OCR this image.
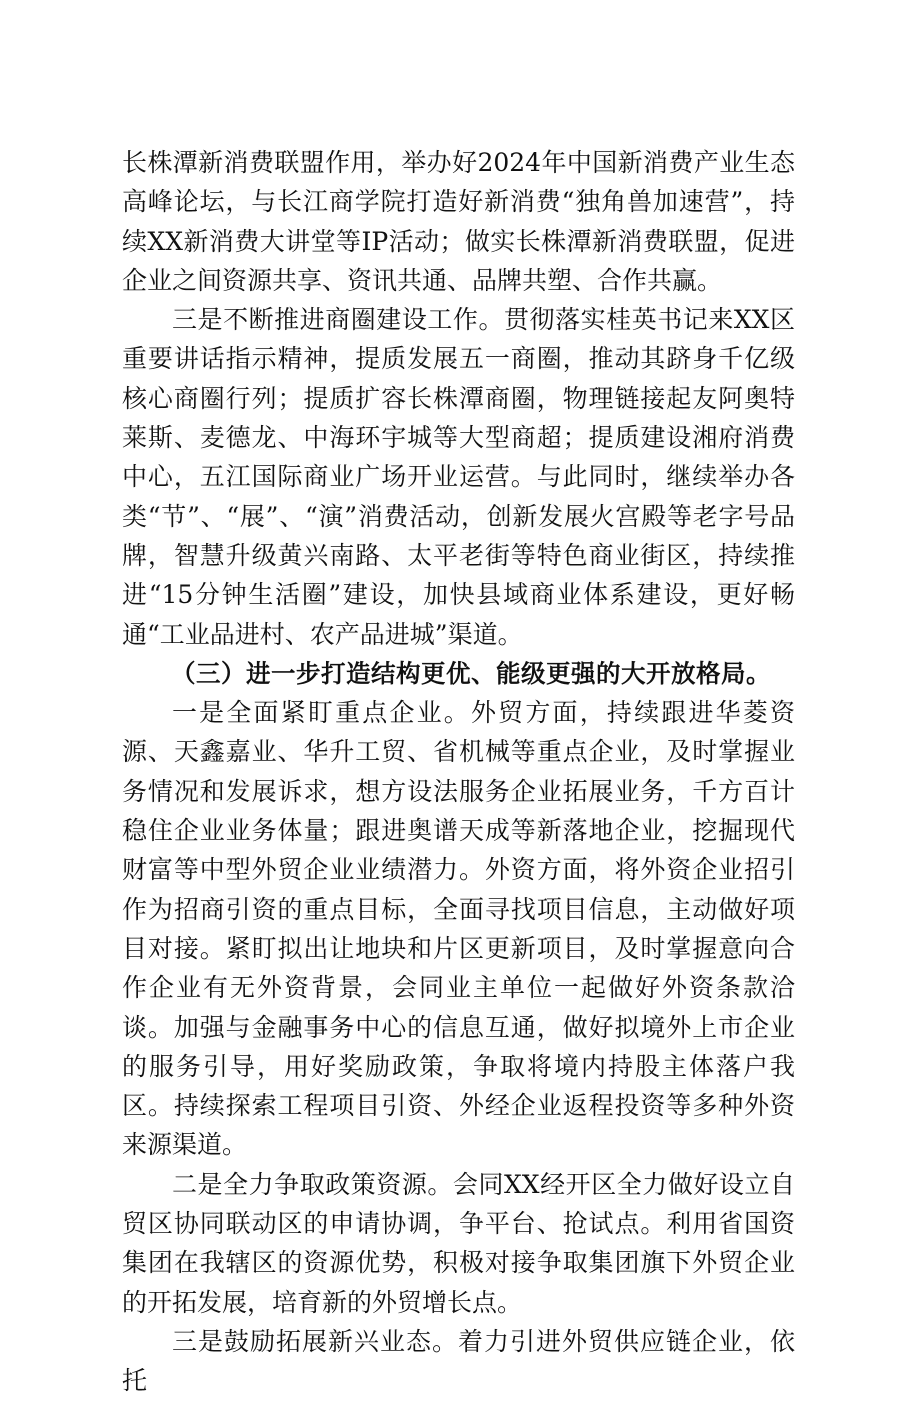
长株潭新消费联盟作用，举办好2024年中国新消费产业生态高峰论坛，与长江商学院打造好新消费“独角兽加速营”，持续XX新消费大讲堂等IP活动；做实长株潭新消费联盟，促进企业之间资源共享、资讯共通、品牌共塑、合作共赢。

三是不断推进商圈建设工作。贯彻落实桂英书记来XX区重要讲话指示精神，提质发展五一商圈，推动其跻身千亿级核心商圈行列；提质扩容长株潭商圈，物理链接起友阿奥特莱斯、麦德龙、中海环宇城等大型商超；提质建设湘府消费中心，五江国际商业广场开业运营。与此同时，继续举办各类“节”、“展”、“演”消费活动，创新发展火宫殿等老字号品牌，智慧升级黄兴南路、太平老街等特色商业街区，持续推进“15分钟生活圈”建设，加快县域商业体系建设，更好畅通“工业品进村、农产品进城”渠道。

（三）进一步打造结构更优、能级更强的大开放格局。

一是全面紧盯重点企业。外贸方面，持续跟进华菱资源、天鑫嘉业、华升工贸、省机械等重点企业，及时掌握业务情况和发展诉求，想方设法服务企业拓展业务，千方百计稳住企业业务体量；跟进奥谱天成等新落地企业，挖掘现代财富等中型外贸企业业绩潜力。外资方面，将外资企业招引作为招商引资的重点目标，全面寻找项目信息，主动做好项目对接。紧盯拟出让地块和片区更新项目，及时掌握意向合作企业有无外资背景，会同业主单位一起做好外资条款洽谈。加强与金融事务中心的信息互通，做好拟境外上市企业的服务引导，用好奖励政策，争取将境内持股主体落户我区。持续探索工程项目引资、外经企业返程投资等多种外资来源渠道。

二是全力争取政策资源。会同XX经开区全力做好设立自贸区协同联动区的申请协调，争平台、抢试点。利用省国资集团在我辖区的资源优势，积极对接争取集团旗下外贸企业的开拓发展，培育新的外贸增长点。

三是鼓励拓展新兴业态。着力引进外贸供应链企业，依托
